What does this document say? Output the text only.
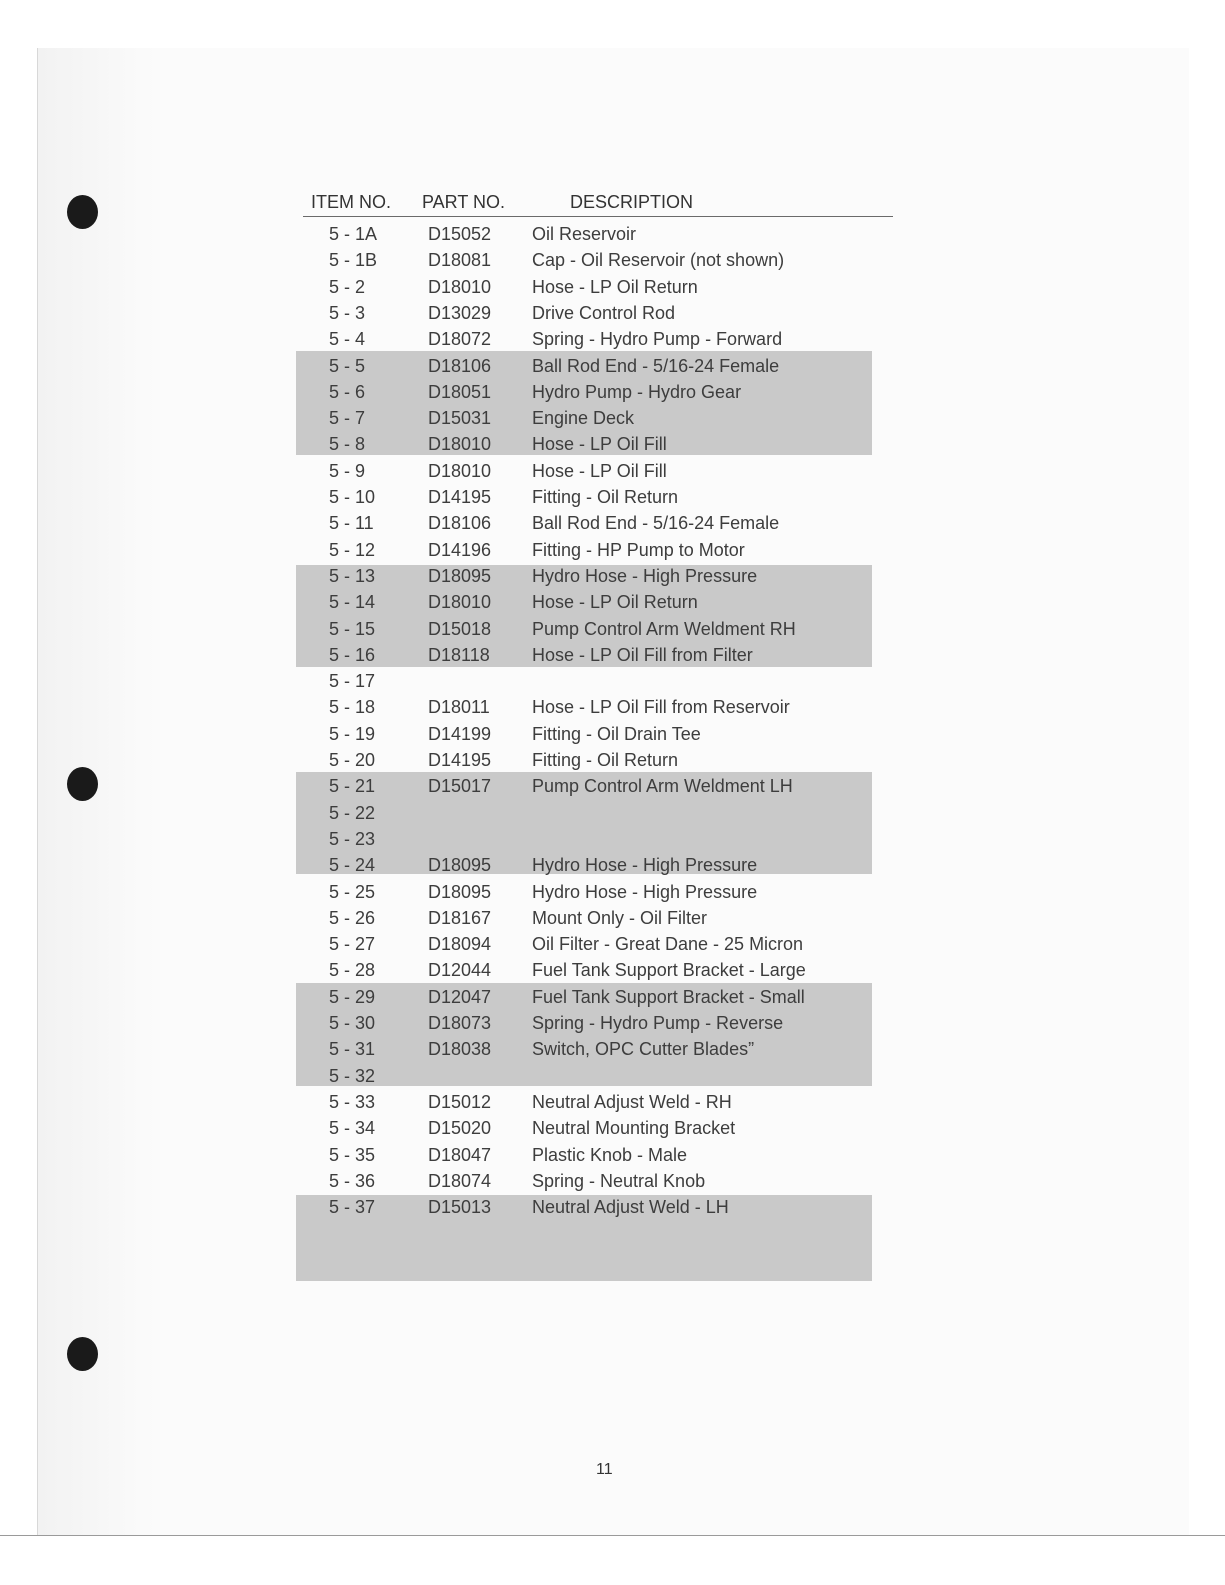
ITEM NO. PART NO.	DESCRIPTION
5 - 1A	D15052 Oil Reservoir
5 - 1B	D18081 Cap - Oil Reservoir (not shown)
5 - 2	D18010 Hose - LP Oil Return
5 - 3	D13029 Drive Control Rod
5 - 4	D18072 Spring - Hydro Pump - Forward
5 - 5	D18106 Ball Rod End - 5/16-24 Female
5 - 6	D18051 Hydro Pump - Hydro Gear
5 - 7	D15031 Engine Deck
5 - 8	D18010 Hose - LP Oil Fill
5 - 9	D18010 Hose - LP Oil Fill
5 - 10	D14195 Fitting - Oil Return
5 - 11	D18106 Ball Rod End - 5/16-24 Female
5 - 12	D14196 Fitting - HP Pump to Motor
5 - 13	D18095 Hydro Hose - High Pressure
5 - 14	D18010 Hose - LP Oil Return
5 - 15	D15018 Pump Control Arm Weldment RH
5 - 16	D18118 Hose - LP Oil Fill from Filter
5 - 17
5 - 18	D18011 Hose - LP Oil Fill from Reservoir
5 - 19	D14199 Fitting - Oil Drain Tee
5 - 20	D14195 Fitting - Oil Return
5 - 21	D15017 Pump Control Arm Weldment LH
5 - 22
5 - 23
5 - 24	D18095 Hydro Hose - High Pressure
5 - 25	D18095 Hydro Hose - High Pressure
5 - 26	D18167 Mount Only - Oil Filter
5 - 27	D18094 Oil Filter - Great Dane - 25 Micron
5 - 28	D12044 Fuel Tank Support Bracket - Large
5 - 29	D12047 Fuel Tank Support Bracket - Small
5 - 30	D18073 Spring - Hydro Pump - Reverse
5 - 31	D18038 Switch, OPC Cutter Blades”
5 - 32
5 - 33	D15012 Neutral Adjust Weld - RH
5 - 34	D15020 Neutral Mounting Bracket
5 - 35	D18047 Plastic Knob - Male
5 - 36	D18074 Spring - Neutral Knob
5 - 37	D15013 Neutral Adjust Weld - LH
11
